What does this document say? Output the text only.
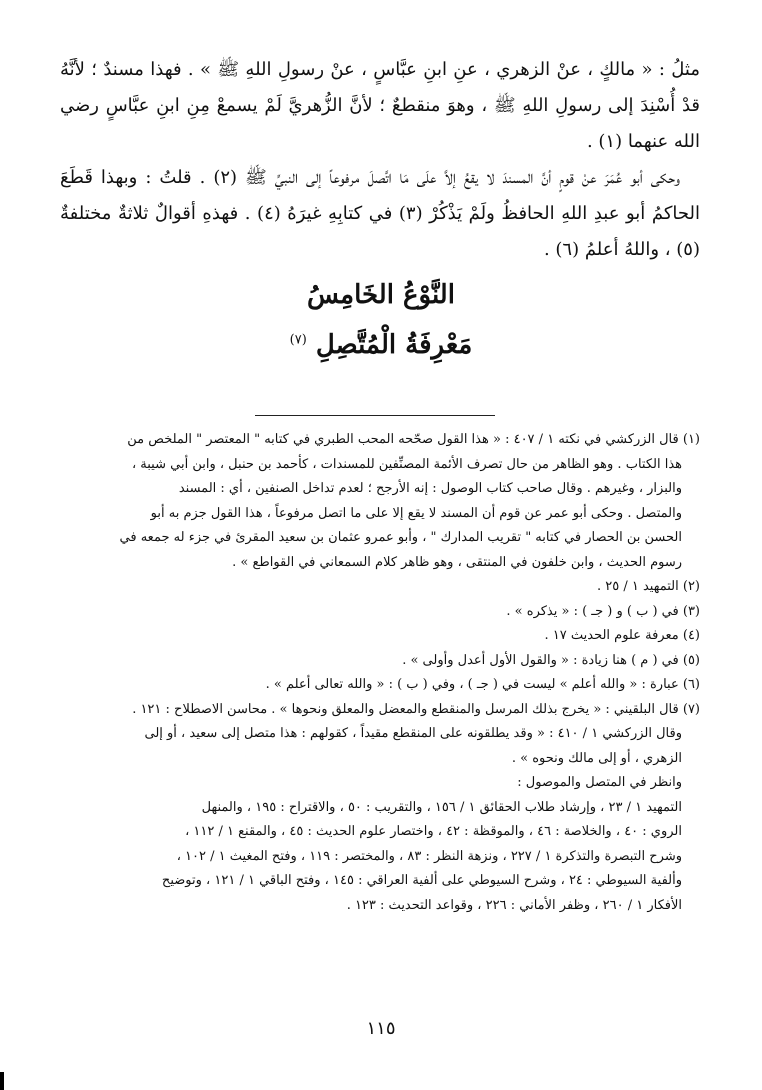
مثلُ : « مالكٍ ، عنْ الزهري ، عنِ ابنِ عبَّاسٍ ، عنْ رسولِ اللهِ ﷺ » . فهذا مسندٌ ؛ لأنَّهُ قدْ أُسْنِدَ إلى رسولِ اللهِ ﷺ ، وهوَ منقطعٌ ؛ لأنَّ الزُّهريَّ لَمْ يسمعْ مِنِ ابنِ عبَّاسٍ رضي الله عنهما (١) .

وحكى أبو عُمَرَ عنْ قومٍ أنَّ المسندَ لا يقعُ إلاَّ علَى مَا اتَّصلَ مرفوعاً إلى النبيِّ ﷺ (٢) . قلتُ : وبهذا قَطَعَ الحاكمُ أبو عبدِ اللهِ الحافظُ ولَمْ يَذْكُرْ (٣) في كتابِهِ غيرَهُ (٤) . فهذهِ أقوالٌ ثلاثةٌ مختلفةٌ (٥) ، واللهُ أعلمُ (٦) .

النَّوْعُ الخَامِسُ
مَعْرِفَةُ الْمُتَّصِلِ $^{(٧)}$

(١) قال الزركشي في نكته ١ / ٤٠٧ : « هذا القول صحّحه المحب الطبري في كتابه " المعتصر " الملخص من

هذا الكتاب . وهو الظاهر من حال تصرف الأئمة المصنِّفين للمسندات ، كأحمد بن حنبل ، وابن أبي شيبة ،

والبزار ، وغيرهم . وقال صاحب كتاب الوصول : إنه الأرجح ؛ لعدم تداخل الصنفين ، أي : المسند

والمتصل . وحكى أبو عمر عن قوم أن المسند لا يقع إلا على ما اتصل مرفوعاً ، هذا القول جزم به أبو

الحسن بن الحصار في كتابه " تقريب المدارك " ، وأبو عمرو عثمان بن سعيد المقرئ في جزء له جمعه في

رسوم الحديث ، وابن خلفون في المنتقى ، وهو ظاهر كلام السمعاني في القواطع » .

(٢) التمهيد ١ / ٢٥ .

(٣) في ( ب ) و ( جـ ) : « يذكره » .

(٤) معرفة علوم الحديث ١٧ .

(٥) في ( م ) هنا زيادة : « والقول الأول أعدل وأولى » .

(٦) عبارة : « والله أعلم » ليست في ( جـ ) ، وفي ( ب ) : « والله تعالى أعلم » .

(٧) قال البلقيني : « يخرج بذلك المرسل والمنقطع والمعضل والمعلق ونحوها » . محاسن الاصطلاح : ١٢١ .

وقال الزركشي ١ / ٤١٠ : « وقد يطلقونه على المنقطع مقيداً ، كقولهم : هذا متصل إلى سعيد ، أو إلى

الزهري ، أو إلى مالك ونحوه » .

وانظر في المتصل والموصول :

التمهيد ١ / ٢٣ ، وإرشاد طلاب الحقائق ١ / ١٥٦ ، والتقريب : ٥٠ ، والاقتراح : ١٩٥ ، والمنهل

الروي : ٤٠ ، والخلاصة : ٤٦ ، والموقظة : ٤٢ ، واختصار علوم الحديث : ٤٥ ، والمقنع ١ / ١١٢ ،

وشرح التبصرة والتذكرة ١ / ٢٢٧ ، ونزهة النظر : ٨٣ ، والمختصر : ١١٩ ، وفتح المغيث ١ / ١٠٢ ،

وألفية السيوطي : ٢٤ ، وشرح السيوطي على ألفية العراقي : ١٤٥ ، وفتح الباقي ١ / ١٢١ ، وتوضيح

الأفكار ١ / ٢٦٠ ، وظفر الأماني : ٢٢٦ ، وقواعد التحديث : ١٢٣ .

١١٥
